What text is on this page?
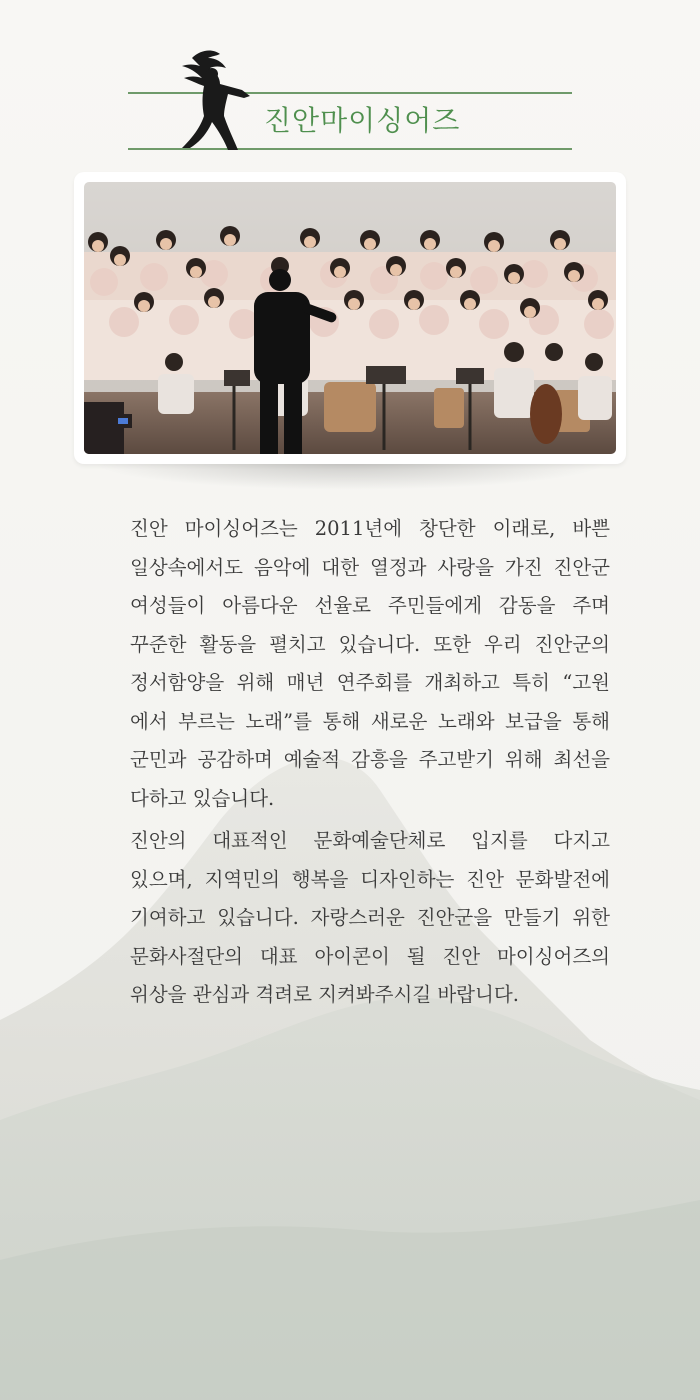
진안마이싱어즈

진안 마이싱어즈는 2011년에 창단한 이래로, 바쁜
일상속에서도 음악에 대한 열정과 사랑을 가진 진안군
여성들이 아름다운 선율로 주민들에게 감동을 주며
꾸준한 활동을 펼치고 있습니다. 또한 우리 진안군의
정서함양을 위해 매년 연주회를 개최하고 특히 “고원
에서 부르는 노래”를 통해 새로운 노래와 보급을 통해
군민과 공감하며 예술적 감흥을 주고받기 위해 최선을
다하고 있습니다.

진안의 대표적인 문화예술단체로 입지를 다지고
있으며, 지역민의 행복을 디자인하는 진안 문화발전에
기여하고 있습니다. 자랑스러운 진안군을 만들기 위한
문화사절단의 대표 아이콘이 될 진안 마이싱어즈의
위상을 관심과 격려로 지켜봐주시길 바랍니다.
